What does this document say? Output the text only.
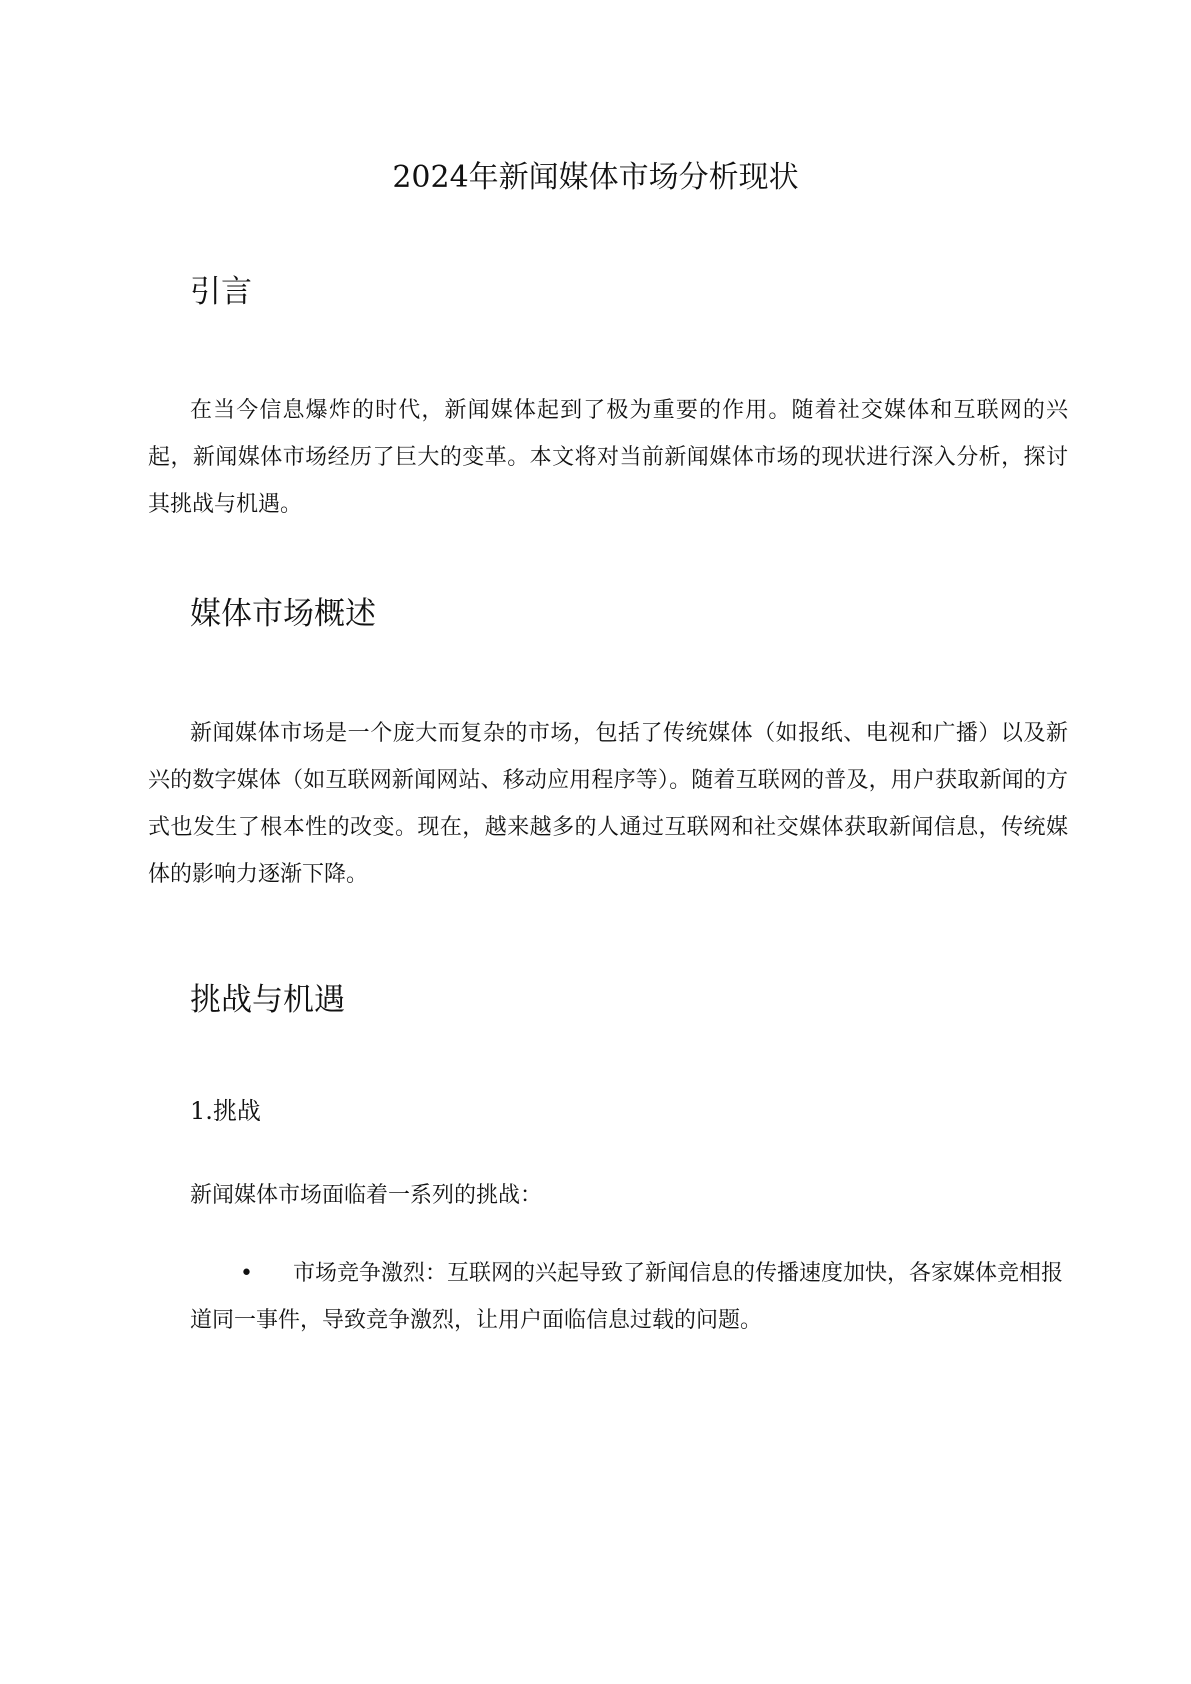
2024年新闻媒体市场分析现状
引言

在当今信息爆炸的时代，新闻媒体起到了极为重要的作用。随着社交媒体和互联网的兴起，新闻媒体市场经历了巨大的变革。本文将对当前新闻媒体市场的现状进行深入分析，探讨其挑战与机遇。

媒体市场概述

新闻媒体市场是一个庞大而复杂的市场，包括了传统媒体（如报纸、电视和广播）以及新兴的数字媒体（如互联网新闻网站、移动应用程序等）。随着互联网的普及，用户获取新闻的方式也发生了根本性的改变。现在，越来越多的人通过互联网和社交媒体获取新闻信息，传统媒体的影响力逐渐下降。

挑战与机遇
1.挑战

新闻媒体市场面临着一系列的挑战：

• 市场竞争激烈：互联网的兴起导致了新闻信息的传播速度加快，各家媒体竞相报道同一事件，导致竞争激烈，让用户面临信息过载的问题。
